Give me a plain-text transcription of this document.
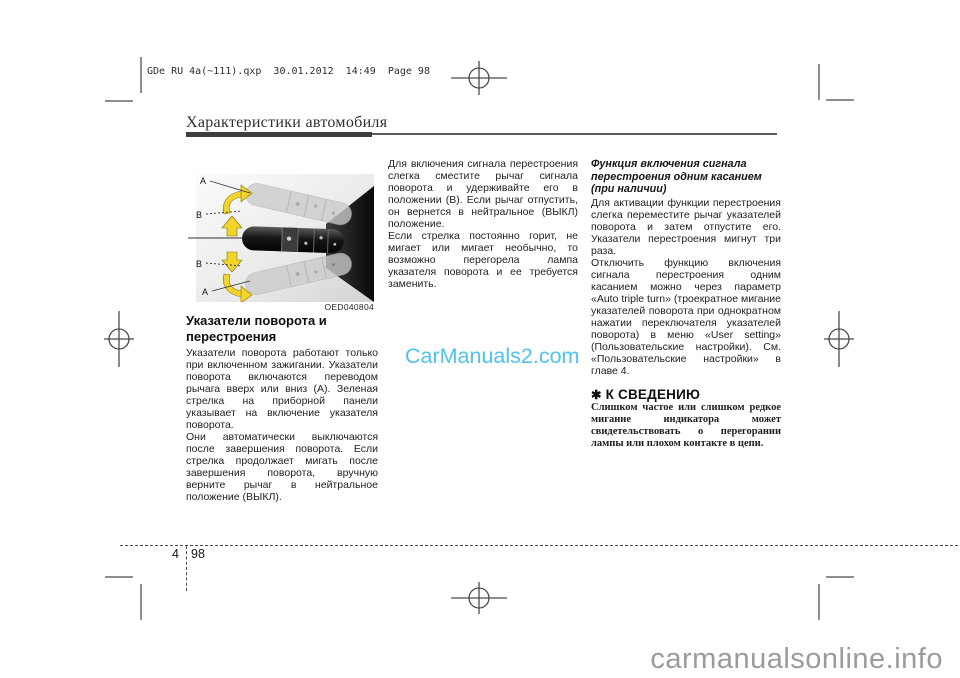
GDe RU 4a(~111).qxp  30.01.2012  14:49  Page 98
Характеристики автомобиля
A
B
B
A
OED040804
Указатели поворота и перестроения

Указатели поворота работают только при включенном зажигании. Указатели поворота включаются переводом рычага вверх или вниз (А). Зеленая стрелка на приборной панели указывает на включение указателя поворота.

Они автоматически выключаются после завершения поворота. Если стрелка продолжает мигать после завершения поворота, вручную верните рычаг в нейтральное положение (ВЫКЛ).

Для включения сигнала перестроения слегка сместите рычаг сигнала поворота и удерживайте его в положении (В). Если рычаг отпустить, он вернется в нейтральное (ВЫКЛ) положение.

Если стрелка постоянно горит, не мигает или мигает необычно, то возможно перегорела лампа указателя поворота и ее требуется заменить.

Функция включения сигнала перестроения одним касанием (при наличии)

Для активации функции перестроения слегка переместите рычаг указателей поворота и затем отпустите его. Указатели перестроения мигнут три раза.

Отключить функцию включения сигнала перестроения одним касанием можно через параметр «Auto triple turn» (троекратное мигание указателей поворота при однократном нажатии переключателя указателей поворота) в меню «User setting» (Пользовательские настройки). См. «Пользовательские настройки» в главе 4.

✱ К СВЕДЕНИЮ

Слишком частое или слишком редкое мигание индикатора может свидетельствовать о перегорании лампы или плохом контакте в цепи.

CarManuals2.com
carmanualsonline.info
4 98
